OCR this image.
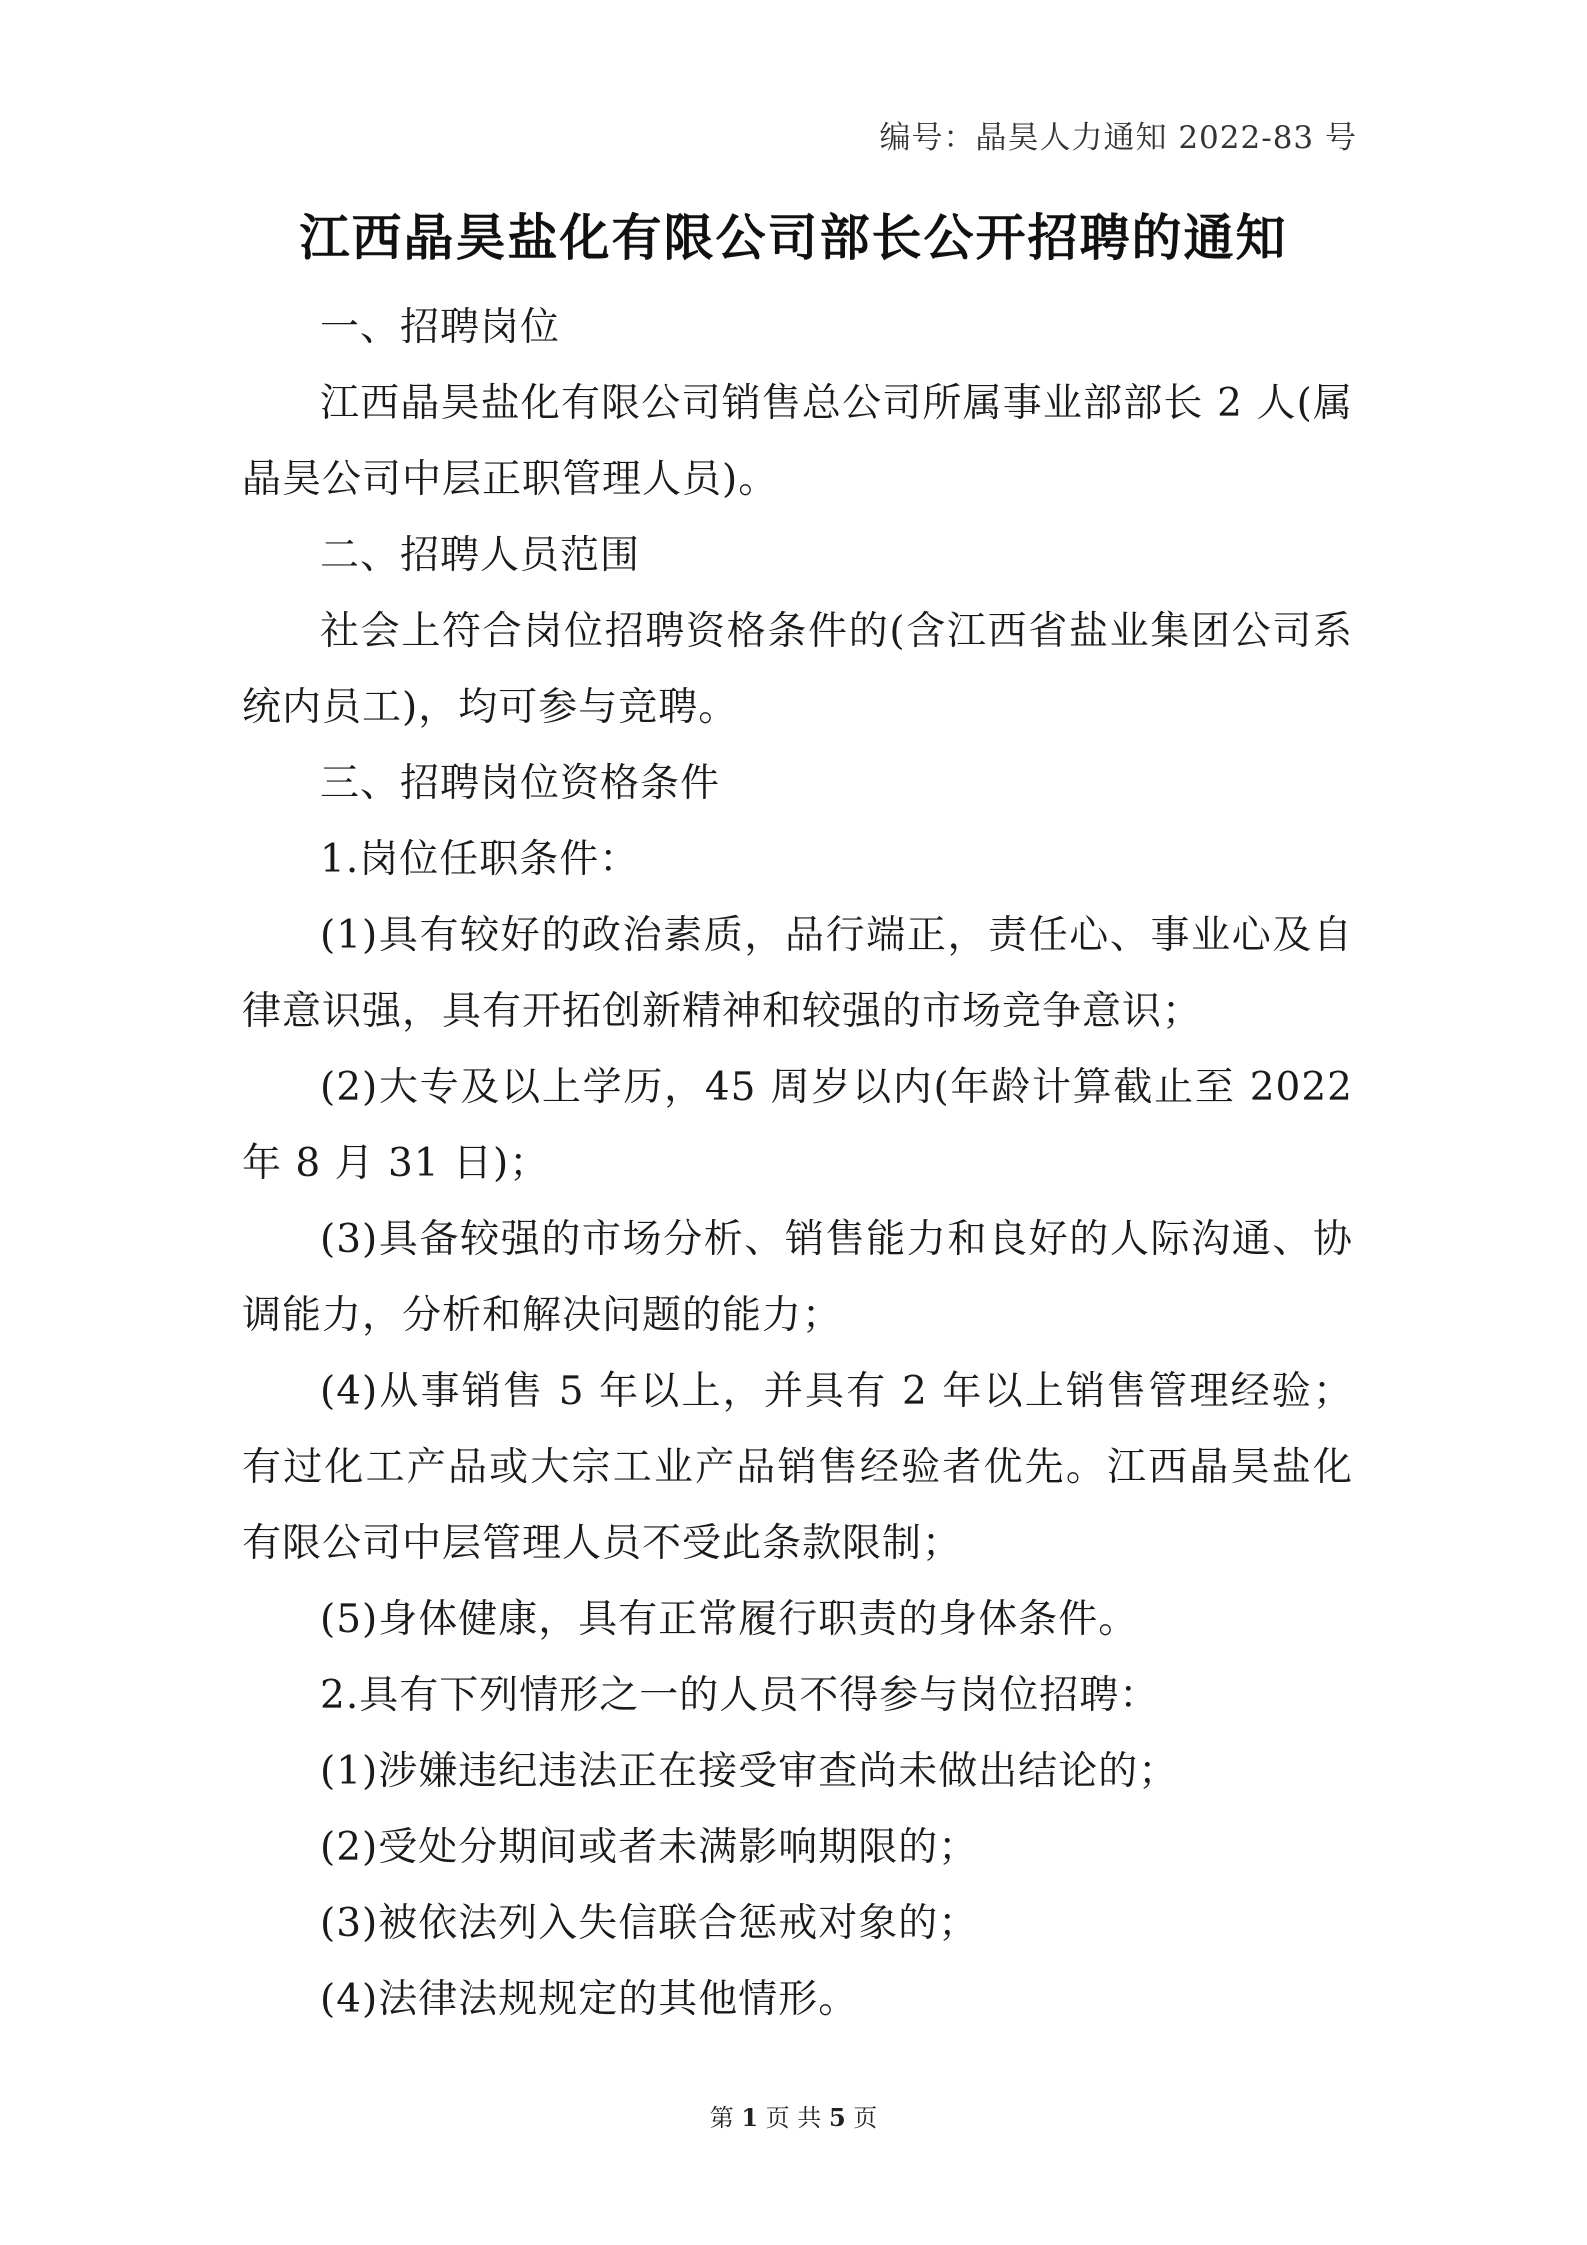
编号：晶昊人力通知 2022-83 号
江西晶昊盐化有限公司部长公开招聘的通知

一、招聘岗位

江西晶昊盐化有限公司销售总公司所属事业部部长 2 人(属晶昊公司中层正职管理人员)。

二、招聘人员范围

社会上符合岗位招聘资格条件的(含江西省盐业集团公司系统内员工)，均可参与竞聘。

三、招聘岗位资格条件

1.岗位任职条件：

(1)具有较好的政治素质，品行端正，责任心、事业心及自律意识强，具有开拓创新精神和较强的市场竞争意识；

(2)大专及以上学历，45 周岁以内(年龄计算截止至 2022 年 8 月 31 日)；

(3)具备较强的市场分析、销售能力和良好的人际沟通、协调能力，分析和解决问题的能力；

(4)从事销售 5 年以上，并具有 2 年以上销售管理经验；有过化工产品或大宗工业产品销售经验者优先。江西晶昊盐化有限公司中层管理人员不受此条款限制；

(5)身体健康，具有正常履行职责的身体条件。

2.具有下列情形之一的人员不得参与岗位招聘：

(1)涉嫌违纪违法正在接受审查尚未做出结论的；

(2)受处分期间或者未满影响期限的；

(3)被依法列入失信联合惩戒对象的；

(4)法律法规规定的其他情形。

第 1 页 共 5 页
